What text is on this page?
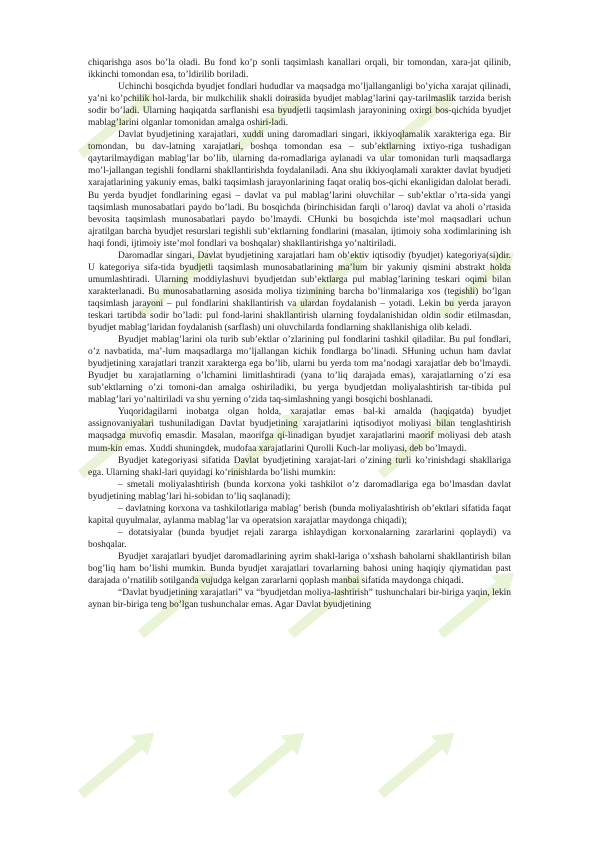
chiqarishga asos bo’la oladi. Bu fond ko’p sonli taqsimlash kanallari orqali, bir tomondan, xara-jat qilinib, ikkinchi tomondan esa, to’ldirilib boriladi.

Uchinchi bosqichda byudjet fondlari hududlar va maqsadga mo’ljallanganligi bo’yicha xarajat qilinadi, ya’ni ko’pchilik hol-larda, bir mulkchilik shakli doirasida byudjet mablag’larini qay-tarilmaslik tarzida berish sodir bo’ladi. Ularning haqiqatda sarflanishi esa byudjetli taqsimlash jarayonining oxirgi bos-qichida byudjet mablag’larini olganlar tomonidan amalga oshiri-ladi.

Davlat byudjetining xarajatlari, xuddi uning daromadlari singari, ikkiyoqlamalik xarakteriga ega. Bir tomondan, bu dav-latning xarajatlari, boshqa tomondan esa – sub’ektlarning ixtiyo-riga tushadigan qaytarilmaydigan mablag’lar bo’lib, ularning da-romadlariga aylanadi va ular tomonidan turli maqsadlarga mo’l-jallangan tegishli fondlarni shakllantirishda foydalaniladi. Ana shu ikkiyoqlamali xarakter davlat byudjeti xarajatlarining yakuniy emas, balki taqsimlash jarayonlarining faqat oraliq bos-qichi ekanligidan dalolat beradi. Bu yerda byudjet fondlarining egasi – davlat va pul mablag’larini oluvchilar – sub’ektlar o’rta-sida yangi taqsimlash munosabatlari paydo bo’ladi. Bu bosqichda (birinchisidan farqli o’laroq) davlat va aholi o’rtasida bevosita taqsimlash munosabatlari paydo bo’lmaydi. CHunki bu bosqichda iste’mol maqsadlari uchun ajratilgan barcha byudjet resurslari tegishli sub’ektlarning fondlarini (masalan, ijtimoiy soha xodimlarining ish haqi fondi, ijtimoiy iste’mol fondlari va boshqalar) shakllantirishga yo’naltiriladi.

Daromadlar singari, Davlat byudjetining xarajatlari ham ob’ektiv iqtisodiy (byudjet) kategoriya(si)dir. U kategoriya sifa-tida byudjetli taqsimlash munosabatlarining ma’lum bir yakuniy qismini abstrakt holda umumlashtiradi. Ularning moddiylashuvi byudjetdan sub’ektlarga pul mablag’larining teskari oqimi bilan xarakterlanadi. Bu munosabatlarning asosida moliya tizimining barcha bo’linmalariga xos (tegishli) bo’lgan taqsimlash jarayoni – pul fondlarini shakllantirish va ulardan foydalanish – yotadi. Lekin bu yerda jarayon teskari tartibda sodir bo’ladi: pul fond-larini shakllantirish ularning foydalanishidan oldin sodir etilmasdan, byudjet mablag’laridan foydalanish (sarflash) uni oluvchilarda fondlarning shakllanishiga olib keladi.

Byudjet mablag’larini ola turib sub’ektlar o’zlarining pul fondlarini tashkil qiladilar. Bu pul fondlari, o’z navbatida, ma’-lum maqsadlarga mo’ljallangan kichik fondlarga bo’linadi. SHuning uchun ham davlat byudjetining xarajatlari tranzit xarakterga ega bo’lib, ularni bu yerda tom ma’nodagi xarajatlar deb bo’lmaydi. Byudjet bu xarajatlarning o’lchamini limitlashtiradi (yana to’liq darajada emas), xarajatlarning o’zi esa sub’ektlarning o’zi tomoni-dan amalga oshiriladiki, bu yerga byudjetdan moliyalashtirish tar-tibida pul mablag’lari yo’naltiriladi va shu yerning o’zida taq-simlashning yangi bosqichi boshlanadi.

Yuqoridagilarni inobatga olgan holda, xarajatlar emas bal-ki amalda (haqiqatda) byudjet assignovaniyalari tushuniladigan Davlat byudjetining xarajatlarini iqtisodiyot moliyasi bilan tenglashtirish maqsadga muvofiq emasdir. Masalan, maorifga qi-linadigan byudjet xarajatlarini maorif moliyasi deb atash mum-kin emas. Xuddi shuningdek, mudofaa xarajatlarini Qurolli Kuch-lar moliyasi, deb bo’lmaydi.

Byudjet kategoriyasi sifatida Davlat byudjetining xarajat-lari o’zining turli ko’rinishdagi shakllariga ega. Ularning shakl-lari quyidagi ko’rinishlarda bo’lishi mumkin:

– smetali moliyalashtirish (bunda korxona yoki tashkilot o’z daromadlariga ega bo’lmasdan davlat byudjetining mablag’lari hi-sobidan to’liq saqlanadi);

– davlatning korxona va tashkilotlariga mablag’ berish (bunda moliyalashtirish ob’ektlari sifatida faqat kapital quyulmalar, aylanma mablag’lar va operatsion xarajatlar maydonga chiqadi);

– dotatsiyalar (bunda byudjet rejali zararga ishlaydigan korxonalarning zararlarini qoplaydi) va boshqalar.

Byudjet xarajatlari byudjet daromadlarining ayrim shakl-lariga o’xshash baholarni shakllantirish bilan bog’liq ham bo’lishi mumkin. Bunda byudjet xarajatlari tovarlarning bahosi uning haqiqiy qiymatidan past darajada o’rnatilib sotilganda vujudga kelgan zararlarni qoplash manbai sifatida maydonga chiqadi.

“Davlat byudjetining xarajatlari” va “byudjetdan moliya-lashtirish” tushunchalari bir-biriga yaqin, lekin aynan bir-biriga teng bo’lgan tushunchalar emas. Agar Davlat byudjetining
